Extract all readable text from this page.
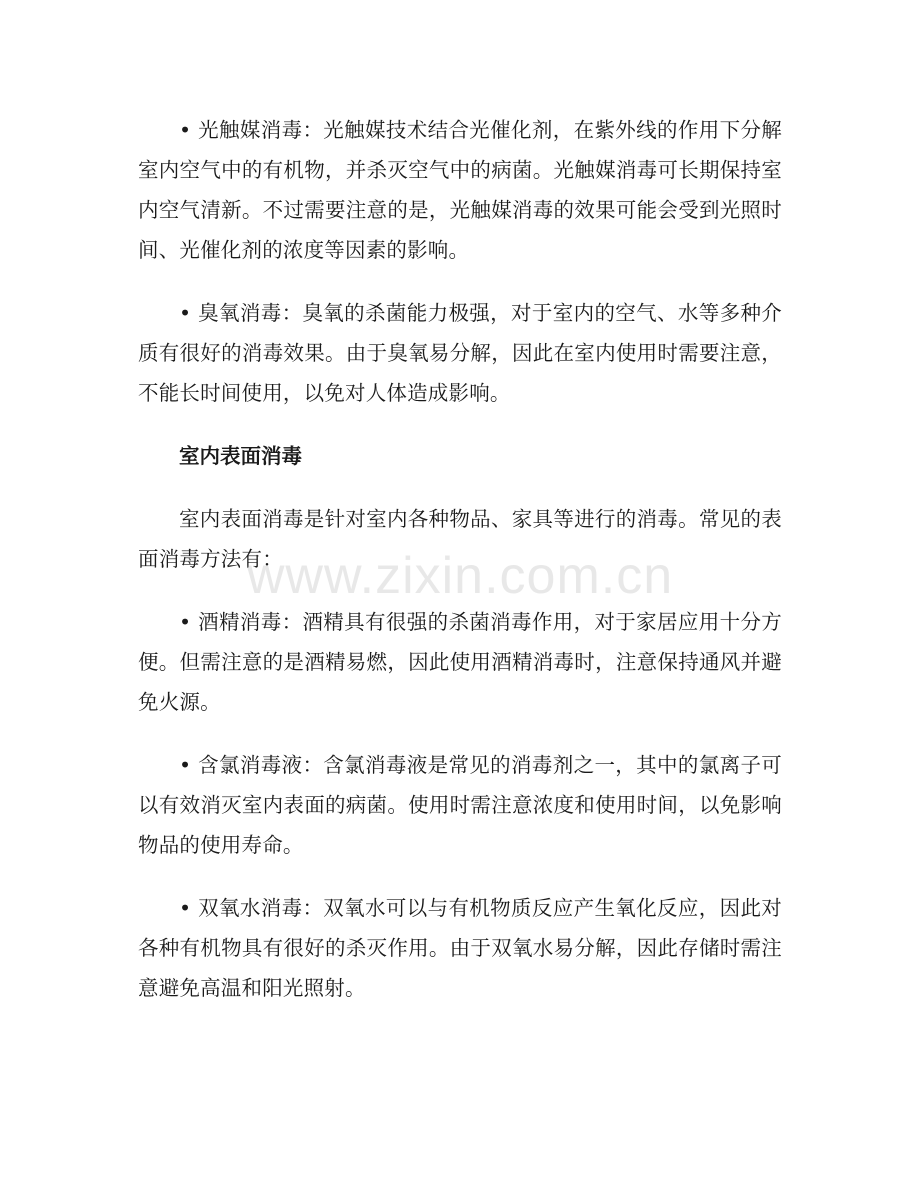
• 光触媒消毒：光触媒技术结合光催化剂，在紫外线的作用下分解室内空气中的有机物，并杀灭空气中的病菌。光触媒消毒可长期保持室内空气清新。不过需要注意的是，光触媒消毒的效果可能会受到光照时间、光催化剂的浓度等因素的影响。

• 臭氧消毒：臭氧的杀菌能力极强，对于室内的空气、水等多种介质有很好的消毒效果。由于臭氧易分解，因此在室内使用时需要注意，不能长时间使用，以免对人体造成影响。

室内表面消毒

室内表面消毒是针对室内各种物品、家具等进行的消毒。常见的表面消毒方法有：

• 酒精消毒：酒精具有很强的杀菌消毒作用，对于家居应用十分方便。但需注意的是酒精易燃，因此使用酒精消毒时，注意保持通风并避免火源。

• 含氯消毒液：含氯消毒液是常见的消毒剂之一，其中的氯离子可以有效消灭室内表面的病菌。使用时需注意浓度和使用时间，以免影响物品的使用寿命。

• 双氧水消毒：双氧水可以与有机物质反应产生氧化反应，因此对各种有机物具有很好的杀灭作用。由于双氧水易分解，因此存储时需注意避免高温和阳光照射。

www.zixin.com.cn
